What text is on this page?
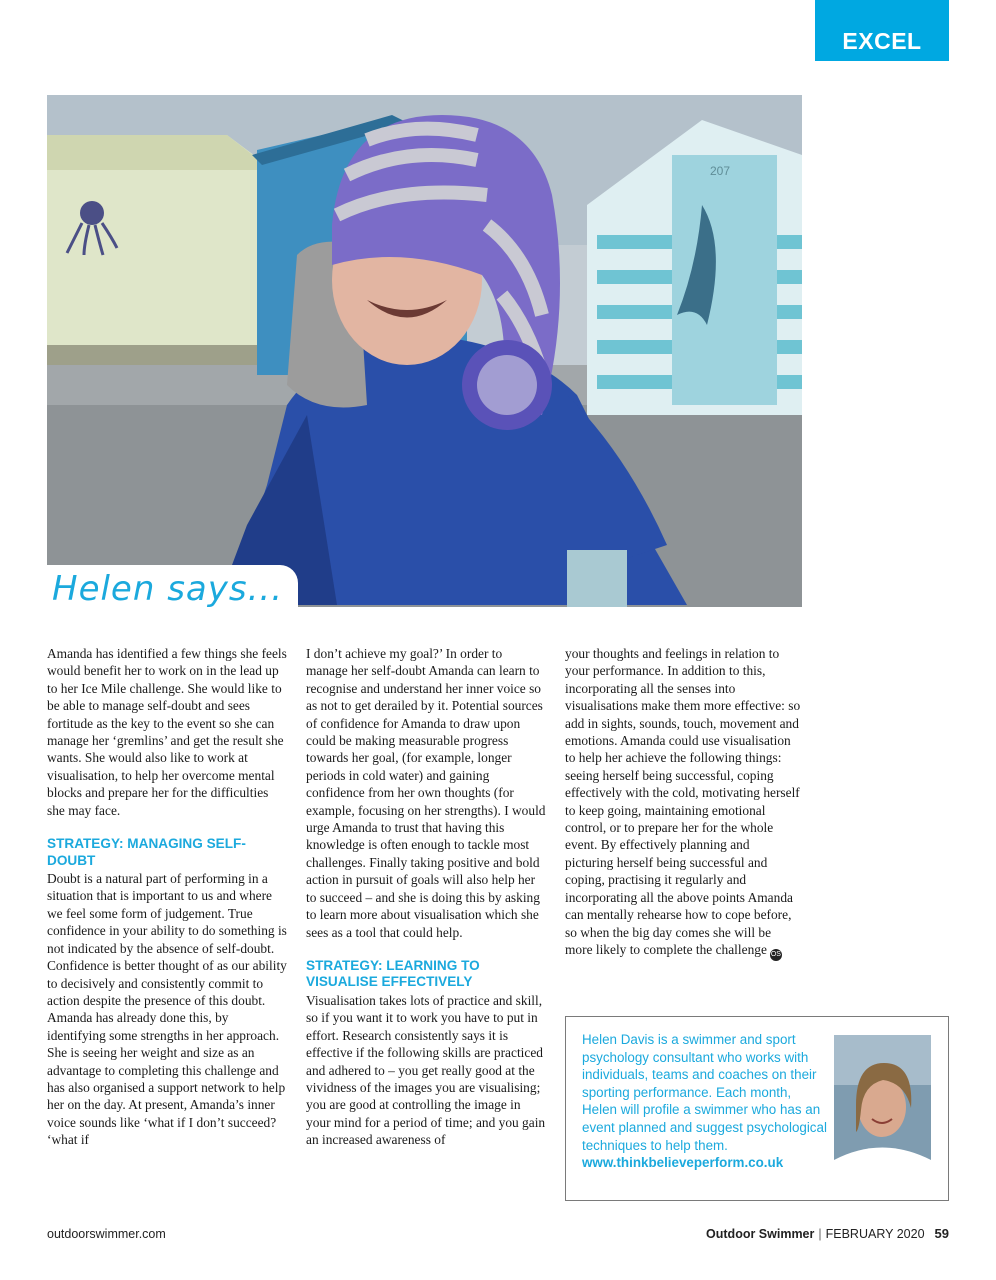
EXCEL
207
Helen says...

Amanda has identified a few things she feels would benefit her to work on in the lead up to her Ice Mile challenge. She would like to be able to manage self-doubt and sees fortitude as the key to the event so she can manage her ‘gremlins’ and get the result she wants. She would also like to work at visualisation, to help her overcome mental blocks and prepare her for the difficulties she may face.

STRATEGY: MANAGING SELF-DOUBT

Doubt is a natural part of performing in a situation that is important to us and where we feel some form of judgement. True confidence in your ability to do something is not indicated by the absence of self-doubt. Confidence is better thought of as our ability to decisively and consistently commit to action despite the presence of this doubt. Amanda has already done this, by identifying some strengths in her approach. She is seeing her weight and size as an advantage to completing this challenge and has also organised a support network to help her on the day. At present, Amanda’s inner voice sounds like ‘what if I don’t succeed? ‘what if

I don’t achieve my goal?’ In order to manage her self-doubt Amanda can learn to recognise and understand her inner voice so as not to get derailed by it. Potential sources of confidence for Amanda to draw upon could be making measurable progress towards her goal, (for example, longer periods in cold water) and gaining confidence from her own thoughts (for example, focusing on her strengths). I would urge Amanda to trust that having this knowledge is often enough to tackle most challenges. Finally taking positive and bold action in pursuit of goals will also help her to succeed – and she is doing this by asking to learn more about visualisation which she sees as a tool that could help.

STRATEGY: LEARNING TO VISUALISE EFFECTIVELY

Visualisation takes lots of practice and skill, so if you want it to work you have to put in effort. Research consistently says it is effective if the following skills are practiced and adhered to – you get really good at the vividness of the images you are visualising; you are good at controlling the image in your mind for a period of time; and you gain an increased awareness of

your thoughts and feelings in relation to your performance. In addition to this, incorporating all the senses into visualisations make them more effective: so add in sights, sounds, touch, movement and emotions. Amanda could use visualisation to help her achieve the following things: seeing herself being successful, coping effectively with the cold, motivating herself to keep going, maintaining emotional control, or to prepare her for the whole event. By effectively planning and picturing herself being successful and coping, practising it regularly and incorporating all the above points Amanda can mentally rehearse how to cope before, so when the big day comes she will be more likely to complete the challenge OS

Helen Davis is a swimmer and sport psychology consultant who works with individuals, teams and coaches on their sporting performance. Each month, Helen will profile a swimmer who has an event planned and suggest psychological techniques to help them.
www.thinkbelieveperform.co.uk
outdoorswimmer.com	Outdoor Swimmer | FEBRUARY 2020 59
